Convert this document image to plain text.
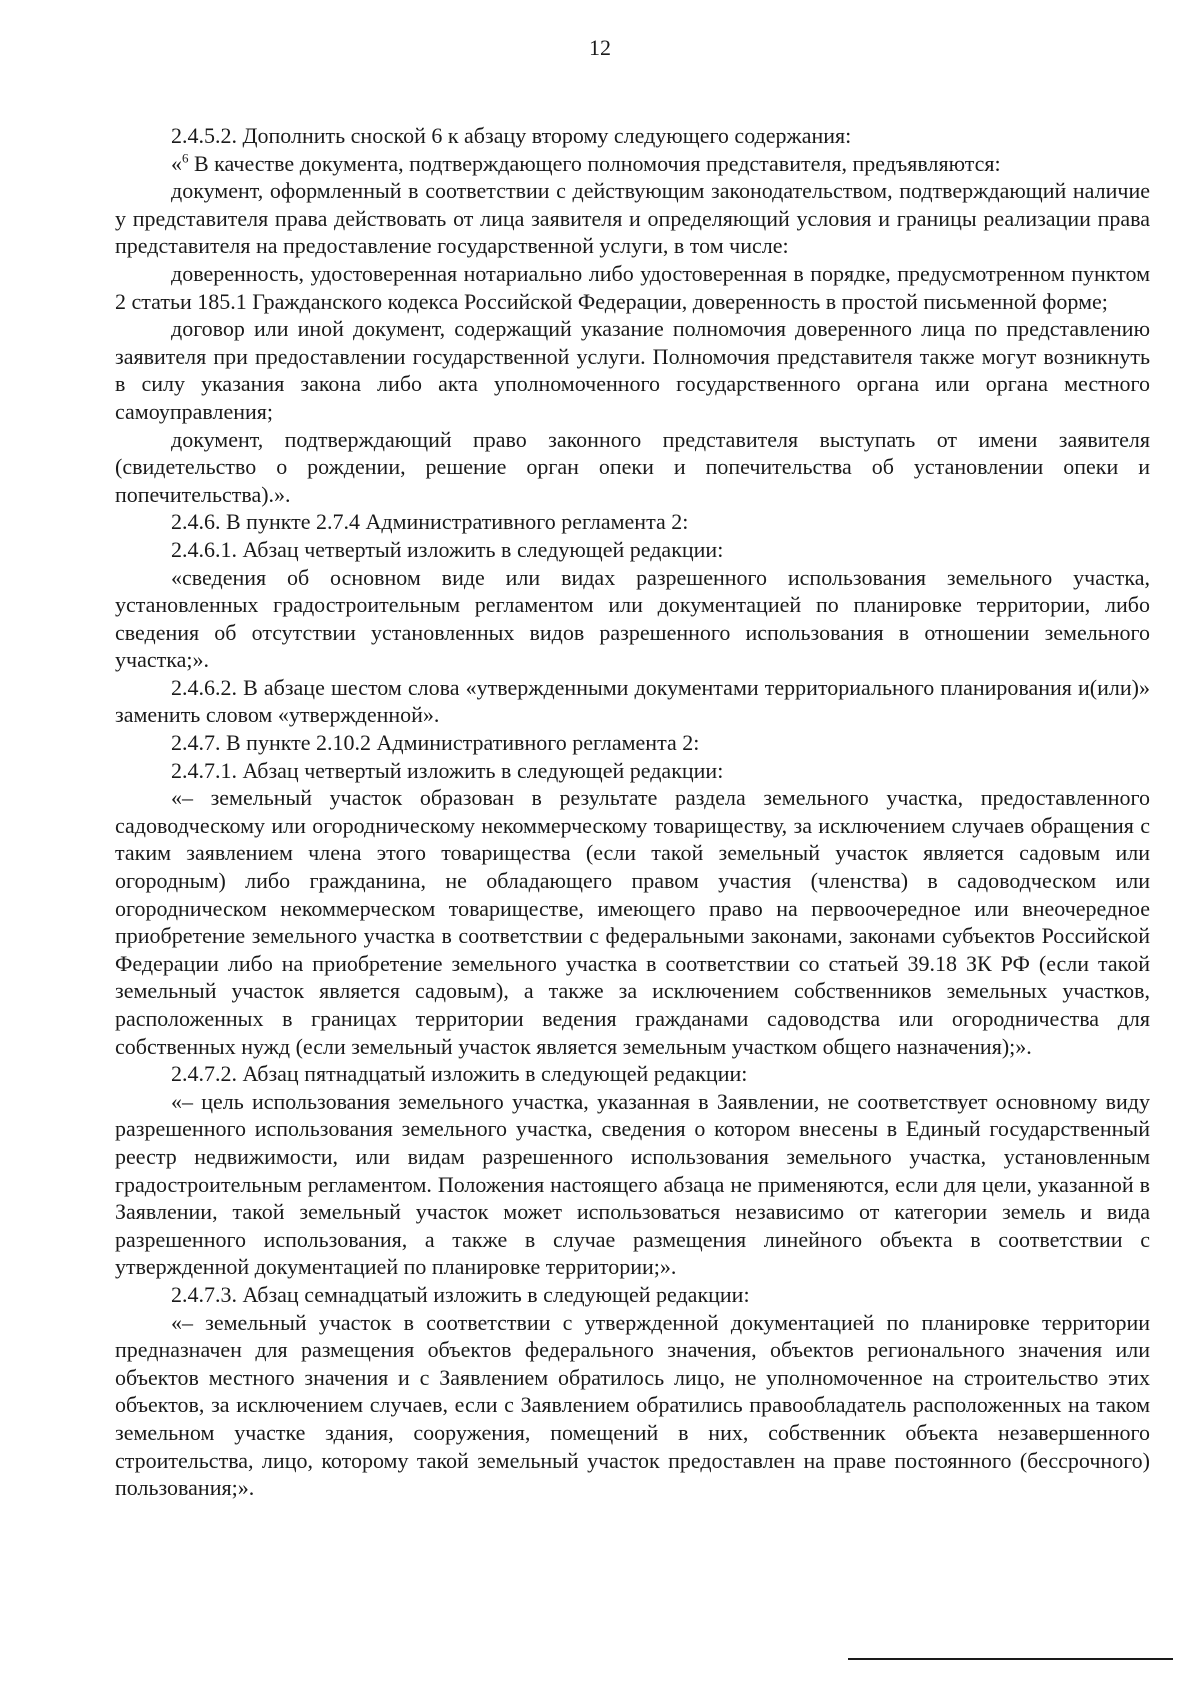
12

2.4.5.2. Дополнить сноской 6 к абзацу второму следующего содержания:

«$^6$ В качестве документа, подтверждающего полномочия представителя, предъявляются:

документ, оформленный в соответствии с действующим законодательством, подтверждающий наличие у представителя права действовать от лица заявителя и определяющий условия и границы реализации права представителя на предоставление государственной услуги, в том числе:

доверенность, удостоверенная нотариально либо удостоверенная в порядке, предусмотренном пунктом 2 статьи 185.1 Гражданского кодекса Российской Федерации, доверенность в простой письменной форме;

договор или иной документ, содержащий указание полномочия доверенного лица по представлению заявителя при предоставлении государственной услуги. Полномочия представителя также могут возникнуть в силу указания закона либо акта уполномоченного государственного органа или органа местного самоуправления;

документ, подтверждающий право законного представителя выступать от имени заявителя (свидетельство о рождении, решение орган опеки и попечительства об установлении опеки и попечительства).».

2.4.6. В пункте 2.7.4 Административного регламента 2:

2.4.6.1. Абзац четвертый изложить в следующей редакции:

«сведения об основном виде или видах разрешенного использования земельного участка, установленных градостроительным регламентом или документацией по планировке территории, либо сведения об отсутствии установленных видов разрешенного использования в отношении земельного участка;».

2.4.6.2. В абзаце шестом слова «утвержденными документами территориального планирования и(или)» заменить словом «утвержденной».

2.4.7. В пункте 2.10.2 Административного регламента 2:

2.4.7.1. Абзац четвертый изложить в следующей редакции:

«– земельный участок образован в результате раздела земельного участка, предоставленного садоводческому или огородническому некоммерческому товариществу, за исключением случаев обращения с таким заявлением члена этого товарищества (если такой земельный участок является садовым или огородным) либо гражданина, не обладающего правом участия (членства) в садоводческом или огородническом некоммерческом товариществе, имеющего право на первоочередное или внеочередное приобретение земельного участка в соответствии с федеральными законами, законами субъектов Российской Федерации либо на приобретение земельного участка в соответствии со статьей 39.18 ЗК РФ (если такой земельный участок является садовым), а также за исключением собственников земельных участков, расположенных в границах территории ведения гражданами садоводства или огородничества для собственных нужд (если земельный участок является земельным участком общего назначения);».

2.4.7.2. Абзац пятнадцатый изложить в следующей редакции:

«– цель использования земельного участка, указанная в Заявлении, не соответствует основному виду разрешенного использования земельного участка, сведения о котором внесены в Единый государственный реестр недвижимости, или видам разрешенного использования земельного участка, установленным градостроительным регламентом. Положения настоящего абзаца не применяются, если для цели, указанной в Заявлении, такой земельный участок может использоваться независимо от категории земель и вида разрешенного использования, а также в случае размещения линейного объекта в соответствии с утвержденной документацией по планировке территории;».

2.4.7.3. Абзац семнадцатый изложить в следующей редакции:

«– земельный участок в соответствии с утвержденной документацией по планировке территории предназначен для размещения объектов федерального значения, объектов регионального значения или объектов местного значения и с Заявлением обратилось лицо, не уполномоченное на строительство этих объектов, за исключением случаев, если с Заявлением обратились правообладатель расположенных на таком земельном участке здания, сооружения, помещений в них, собственник объекта незавершенного строительства, лицо, которому такой земельный участок предоставлен на праве постоянного (бессрочного) пользования;».
